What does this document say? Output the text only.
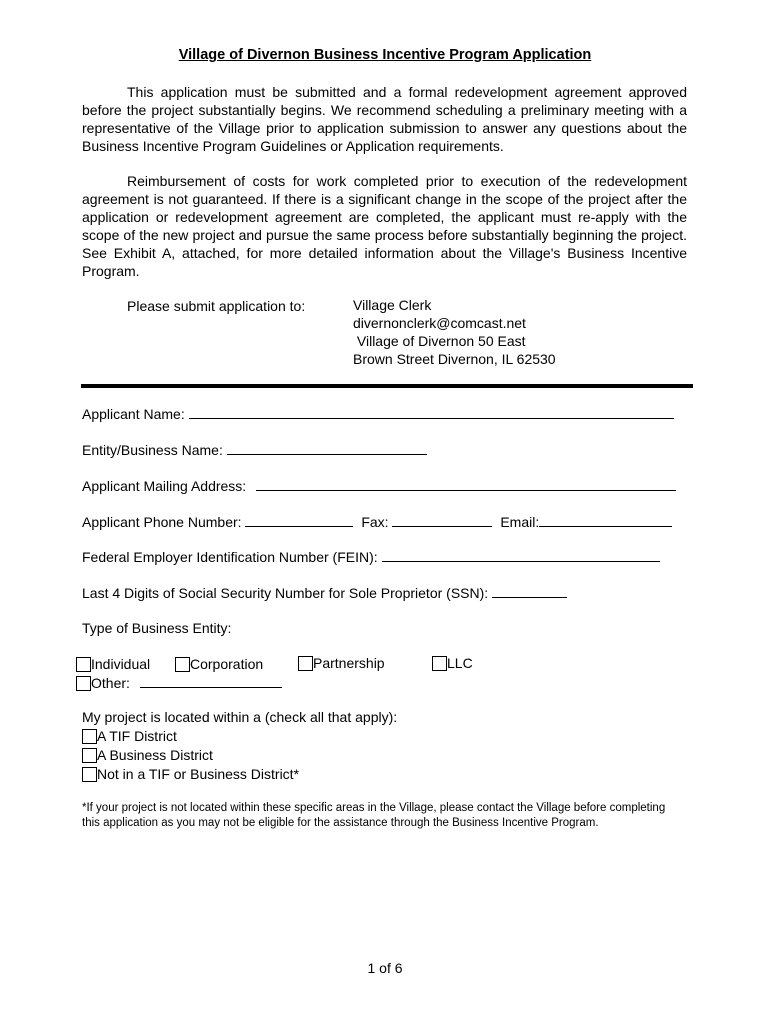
Village of Divernon Business Incentive Program Application
This application must be submitted and a formal redevelopment agreement approved before the project substantially begins. We recommend scheduling a preliminary meeting with a representative of the Village prior to application submission to answer any questions about the Business Incentive Program Guidelines or Application requirements.
Reimbursement of costs for work completed prior to execution of the redevelopment agreement is not guaranteed. If there is a significant change in the scope of the project after the application or redevelopment agreement are completed, the applicant must re-apply with the scope of the new project and pursue the same process before substantially beginning the project. See Exhibit A, attached, for more detailed information about the Village's Business Incentive Program.
Please submit application to:	Village Clerk
divernonclerk@comcast.net
Village of Divernon 50 East
Brown Street Divernon, IL 62530
Applicant Name:
Entity/Business Name:
Applicant Mailing Address:
Applicant Phone Number:	Fax:	Email:
Federal Employer Identification Number (FEIN):
Last 4 Digits of Social Security Number for Sole Proprietor (SSN):
Type of Business Entity:
Individual	Corporation	Partnership	LLC
Other:
My project is located within a (check all that apply):
A TIF District
A Business District
Not in a TIF or Business District*
*If your project is not located within these specific areas in the Village, please contact the Village before completing this application as you may not be eligible for the assistance through the Business Incentive Program.
1 of 6
